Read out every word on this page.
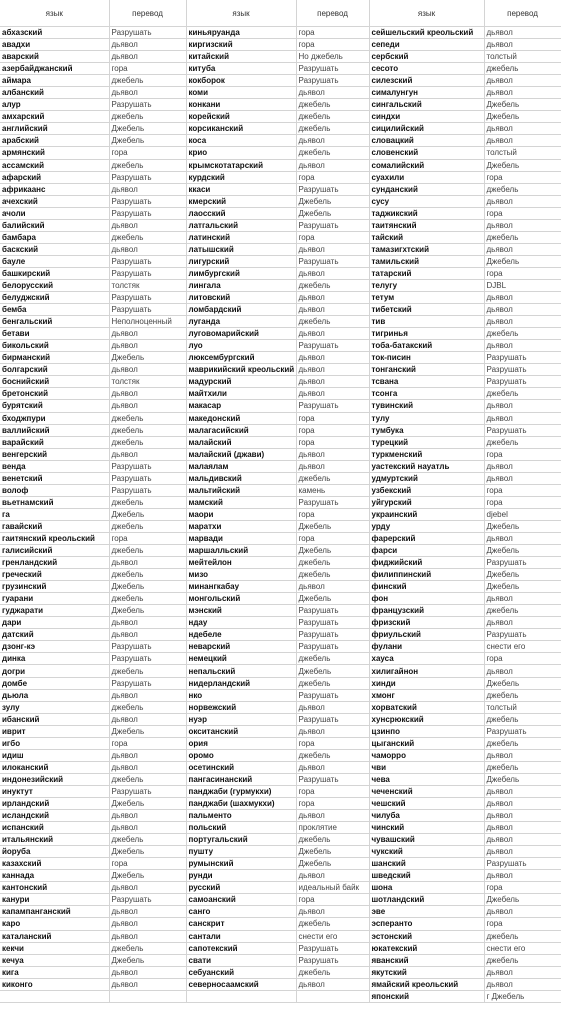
язык	перевод	язык	перевод	язык	перевод
абхазский	Разрушать	киньяруанда	гора	сейшельский креольский	дьявол
авадхи	дьявол	киргизский	гора	сепеди	дьявол
аварский	дьявол	китайский	Но джебель	сербский	толстый
азербайджанский	гора	китуба	Разрушать	сесото	джебель
аймара	джебель	кокборок	Разрушать	силезский	дьявол
албанский	дьявол	коми	дьявол	сималунгун	дьявол
алур	Разрушать	конкани	джебель	сингальский	Джебель
амхарский	джебель	корейский	джебель	синдхи	Джебель
английский	Джебель	корсиканский	джебель	сицилийский	дьявол
арабский	Джебель	коса	дьявол	словацкий	дьявол
армянский	гора	крио	джебель	словенский	толстый
ассамский	джебель	крымскотатарский	дьявол	сомалийский	Джебель
афарский	Разрушать	курдский	гора	суахили	гора
африкаанс	дьявол	ккаси	Разрушать	сунданский	джебель
ачехский	Разрушать	кмерский	Джебель	сусу	дьявол
ачоли	Разрушать	лаосский	Джебель	таджикский	гора
балийский	дьявол	латгальский	Разрушать	таитянский	дьявол
бамбара	джебель	латинский	гора	тайский	джебель
баскский	дьявол	латышский	дьявол	тамазигхтский	дьявол
бауле	Разрушать	лигурский	Разрушать	тамильский	Джебель
башкирский	Разрушать	лимбургский	дьявол	татарский	гора
белорусский	толстяк	лингала	джебель	телугу	DJBL
белуджский	Разрушать	литовский	дьявол	тетум	дьявол
бемба	Разрушать	ломбардский	дьявол	тибетский	дьявол
бенгальский	Неполноценный	луганда	джебель	тив	дьявол
бетави	дьявол	луговомарийский	дьявол	тигринья	джебель
бикольский	дьявол	луо	Разрушать	тоба-батакский	дьявол
бирманский	Джебель	люксембургский	дьявол	ток-писин	Разрушать
болгарский	дьявол	маврикийский креольский	дьявол	тонганский	Разрушать
боснийский	толстяк	мадурский	дьявол	тсвана	Разрушать
бретонский	дьявол	майтхили	дьявол	тсонга	джебель
бурятский	дьявол	макасар	Разрушать	тувинский	дьявол
бходжпури	джебель	македонский	гора	тулу	дьявол
валлийский	джебель	малагасийский	гора	тумбука	Разрушать
варайский	джебель	малайский	гора	турецкий	джебель
венгерский	дьявол	малайский (джави)	дьявол	туркменский	гора
венда	Разрушать	малаялам	дьявол	уастекский науатль	дьявол
венетский	Разрушать	мальдивский	джебель	удмуртский	дьявол
волоф	Разрушать	мальтийский	камень	узбекский	гора
вьетнамский	джебель	мамский	Разрушать	уйгурский	гора
га	Джебель	маори	гора	украинский	djebel
гавайский	джебель	маратхи	Джебель	урду	Джебель
гаитянский креольский	гора	марвади	гора	фарерский	дьявол
галисийский	джебель	маршалльский	Джебель	фарси	Джебель
гренландский	дьявол	мейтейлон	джебель	фиджийский	Разрушать
греческий	джебель	мизо	джебель	филиппинский	Джебель
грузинский	Джебель	минангкабау	дьявол	финский	Джебель
гуарани	джебель	монгольский	Джебель	фон	дьявол
гуджарати	Джебель	мэнский	Разрушать	французский	джебель
дари	дьявол	ндау	Разрушать	фризский	дьявол
датский	дьявол	ндебеле	Разрушать	фриульский	Разрушать
дзонг-кэ	Разрушать	неварский	Разрушать	фулани	снести его
динка	Разрушать	немецкий	джебель	хауса	гора
догри	джебель	непальский	Джебель	хилигайнон	дьявол
домбе	Разрушать	нидерландский	джебель	хинди	Джебель
дьюла	дьявол	нко	Разрушать	хмонг	джебель
зулу	джебель	норвежский	дьявол	хорватский	толстый
ибанский	дьявол	нуэр	Разрушать	хунсрюкский	джебель
иврит	Джебель	окситанский	дьявол	цзинпо	Разрушать
игбо	гора	ория	гора	цыганский	джебель
идиш	дьявол	оромо	джебель	чаморро	дьявол
илоканский	дьявол	осетинский	дьявол	чви	джебель
индонезийский	джебель	пангасинанский	Разрушать	чева	Джебель
инуктут	Разрушать	панджаби (гурмукхи)	гора	чеченский	дьявол
ирландский	Джебель	панджаби (шахмукхи)	гора	чешский	дьявол
исландский	дьявол	пальменто	дьявол	чилуба	дьявол
испанский	дьявол	польский	проклятие	чинский	дьявол
итальянский	джебель	португальский	джебель	чувашский	дьявол
йоруба	Джебель	пушту	Джебель	чукский	дьявол
казахский	гора	румынский	Джебель	шанский	Разрушать
каннада	Джебель	рунди	дьявол	шведский	дьявол
кантонский	дьявол	русский	идеальный байк	шона	гора
канури	Разрушать	самоанский	гора	шотландский	Джебель
капампанганский	дьявол	санго	дьявол	эве	дьявол
каро	дьявол	санскрит	джебель	эсперанто	гора
каталанский	дьявол	сантали	снести его	эстонский	джебель
кекчи	джебель	сапотекский	Разрушать	юкатекский	снести его
кечуа	Джебель	свати	Разрушать	яванский	джебель
кига	дьявол	себуанский	джебель	якутский	дьявол
киконго	дьявол	северносаамский	дьявол	ямайский креольский	дьявол
				японский	г Джебель
